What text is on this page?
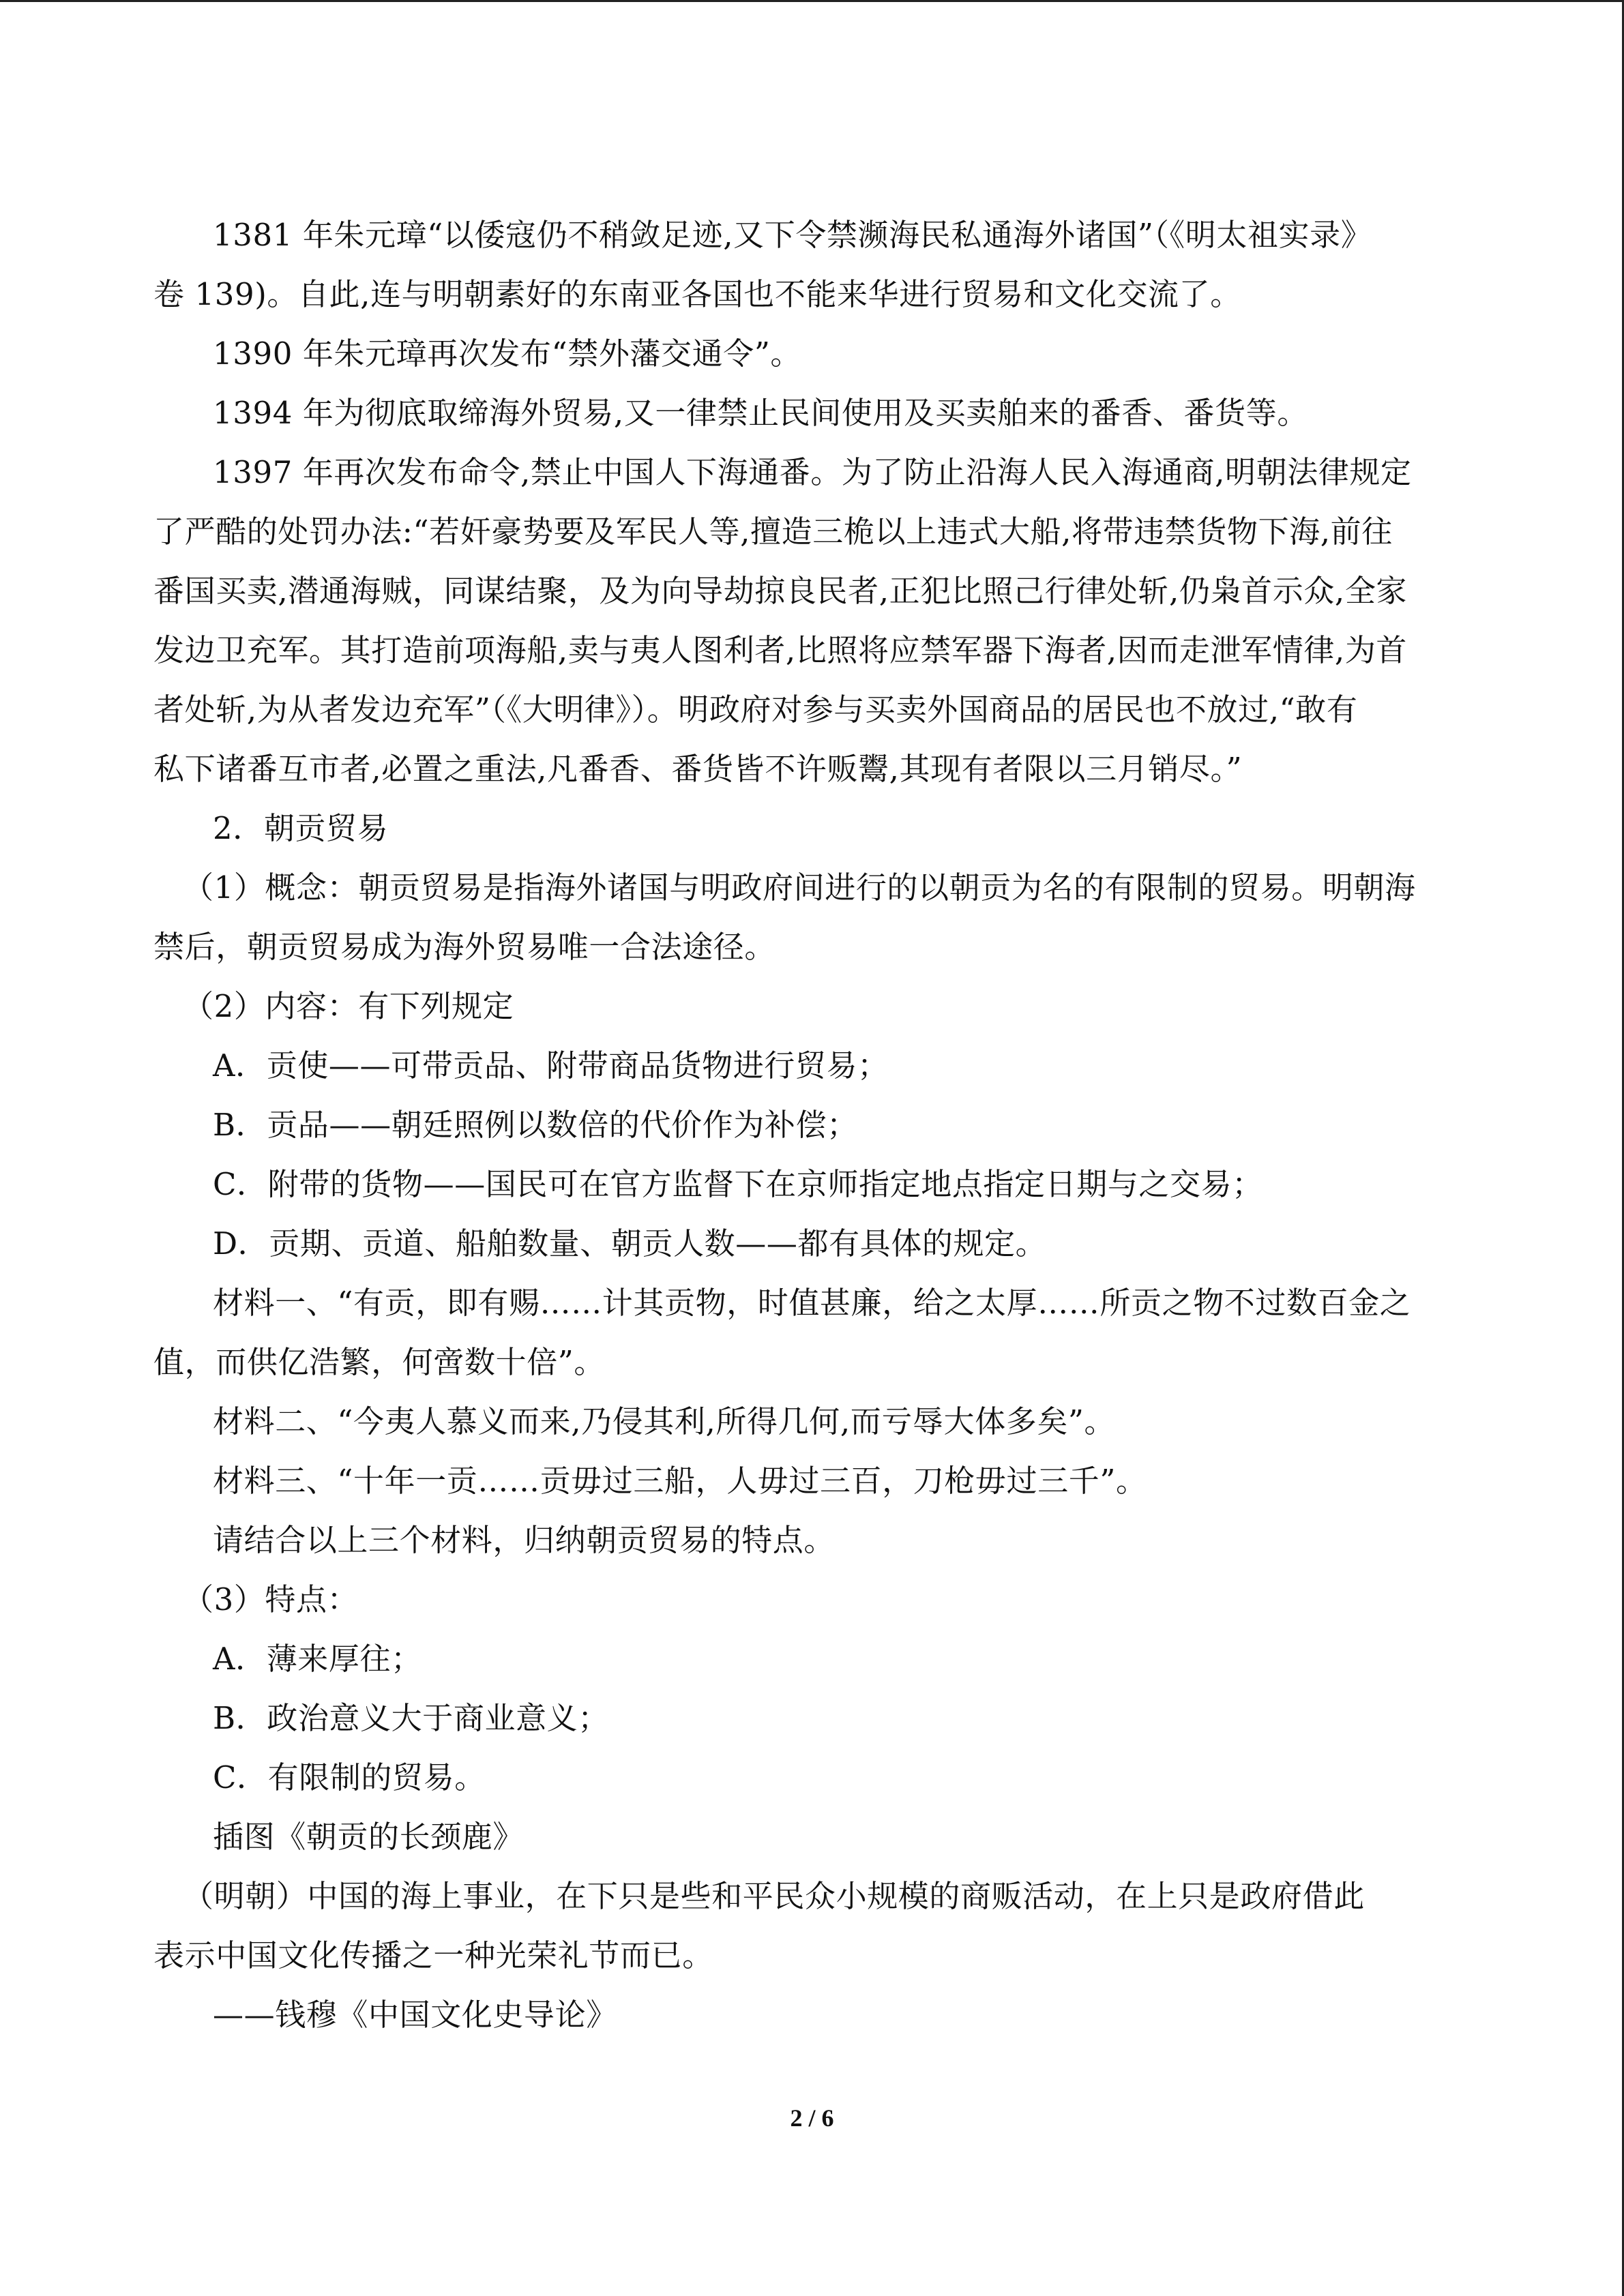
1381 年朱元璋“以倭寇仍不稍敛足迹,又下令禁濒海民私通海外诸国”（《明太祖实录》
卷 139)。自此,连与明朝素好的东南亚各国也不能来华进行贸易和文化交流了。
1390 年朱元璋再次发布“禁外藩交通令”。
1394 年为彻底取缔海外贸易,又一律禁止民间使用及买卖舶来的番香、番货等。
1397 年再次发布命令,禁止中国人下海通番。为了防止沿海人民入海通商,明朝法律规定
了严酷的处罚办法:“若奸豪势要及军民人等,擅造三桅以上违式大船,将带违禁货物下海,前往
番国买卖,潜通海贼，同谋结聚，及为向导劫掠良民者,正犯比照己行律处斩,仍枭首示众,全家
发边卫充军。其打造前项海船,卖与夷人图利者,比照将应禁军器下海者,因而走泄军情律,为首
者处斩,为从者发边充军”（《大明律》）。明政府对参与买卖外国商品的居民也不放过,“敢有
私下诸番互市者,必置之重法,凡番香、番货皆不许贩鬻,其现有者限以三月销尽。”
2．朝贡贸易
（1）概念：朝贡贸易是指海外诸国与明政府间进行的以朝贡为名的有限制的贸易。明朝海
禁后，朝贡贸易成为海外贸易唯一合法途径。
（2）内容：有下列规定
A．贡使——可带贡品、附带商品货物进行贸易；
B．贡品——朝廷照例以数倍的代价作为补偿；
C．附带的货物——国民可在官方监督下在京师指定地点指定日期与之交易；
D．贡期、贡道、船舶数量、朝贡人数——都有具体的规定。
材料一、“有贡，即有赐……计其贡物，时值甚廉，给之太厚……所贡之物不过数百金之
值，而供亿浩繁，何啻数十倍”。
材料二、“今夷人慕义而来,乃侵其利,所得几何,而亏辱大体多矣”。
材料三、“十年一贡……贡毋过三船，人毋过三百，刀枪毋过三千”。
请结合以上三个材料，归纳朝贡贸易的特点。
（3）特点：
A．薄来厚往；
B．政治意义大于商业意义；
C．有限制的贸易。
插图《朝贡的长颈鹿》
（明朝）中国的海上事业，在下只是些和平民众小规模的商贩活动，在上只是政府借此
表示中国文化传播之一种光荣礼节而已。
——钱穆《中国文化史导论》
2 / 6
